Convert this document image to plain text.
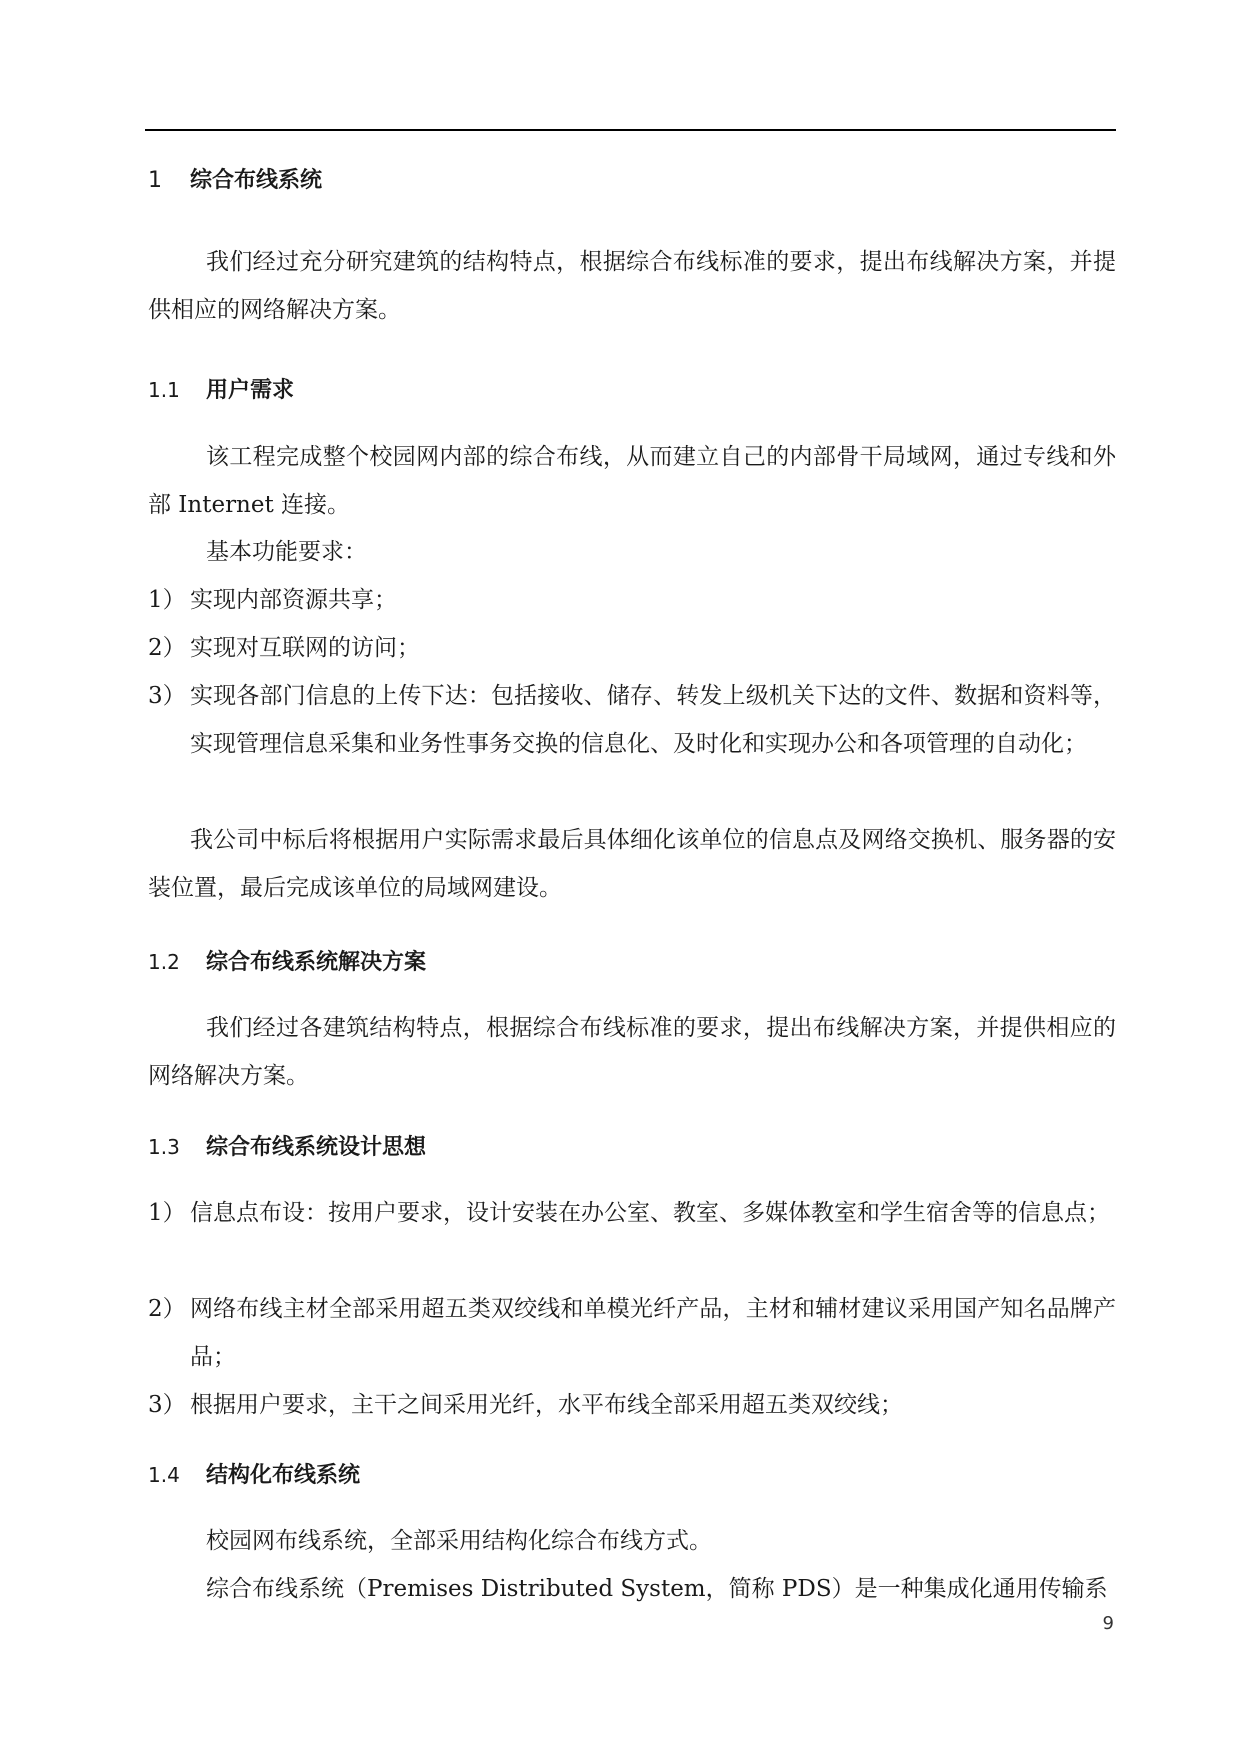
1 综合布线系统

我们经过充分研究建筑的结构特点，根据综合布线标准的要求，提出布线解决方案，并提供相应的网络解决方案。

1.1 用户需求

该工程完成整个校园网内部的综合布线，从而建立自己的内部骨干局域网，通过专线和外部 Internet 连接。

基本功能要求：

1） 实现内部资源共享；
2） 实现对互联网的访问；
3） 实现各部门信息的上传下达：包括接收、储存、转发上级机关下达的文件、数据和资料等，实现管理信息采集和业务性事务交换的信息化、及时化和实现办公和各项管理的自动化；

我公司中标后将根据用户实际需求最后具体细化该单位的信息点及网络交换机、服务器的安装位置，最后完成该单位的局域网建设。

1.2 综合布线系统解决方案

我们经过各建筑结构特点，根据综合布线标准的要求，提出布线解决方案，并提供相应的网络解决方案。

1.3 综合布线系统设计思想
1） 信息点布设：按用户要求，设计安装在办公室、教室、多媒体教室和学生宿舍等的信息点；
2） 网络布线主材全部采用超五类双绞线和单模光纤产品，主材和辅材建议采用国产知名品牌产品；
3） 根据用户要求，主干之间采用光纤，水平布线全部采用超五类双绞线；
1.4 结构化布线系统

校园网布线系统，全部采用结构化综合布线方式。

综合布线系统（Premises Distributed System，简称 PDS）是一种集成化通用传输系

9
